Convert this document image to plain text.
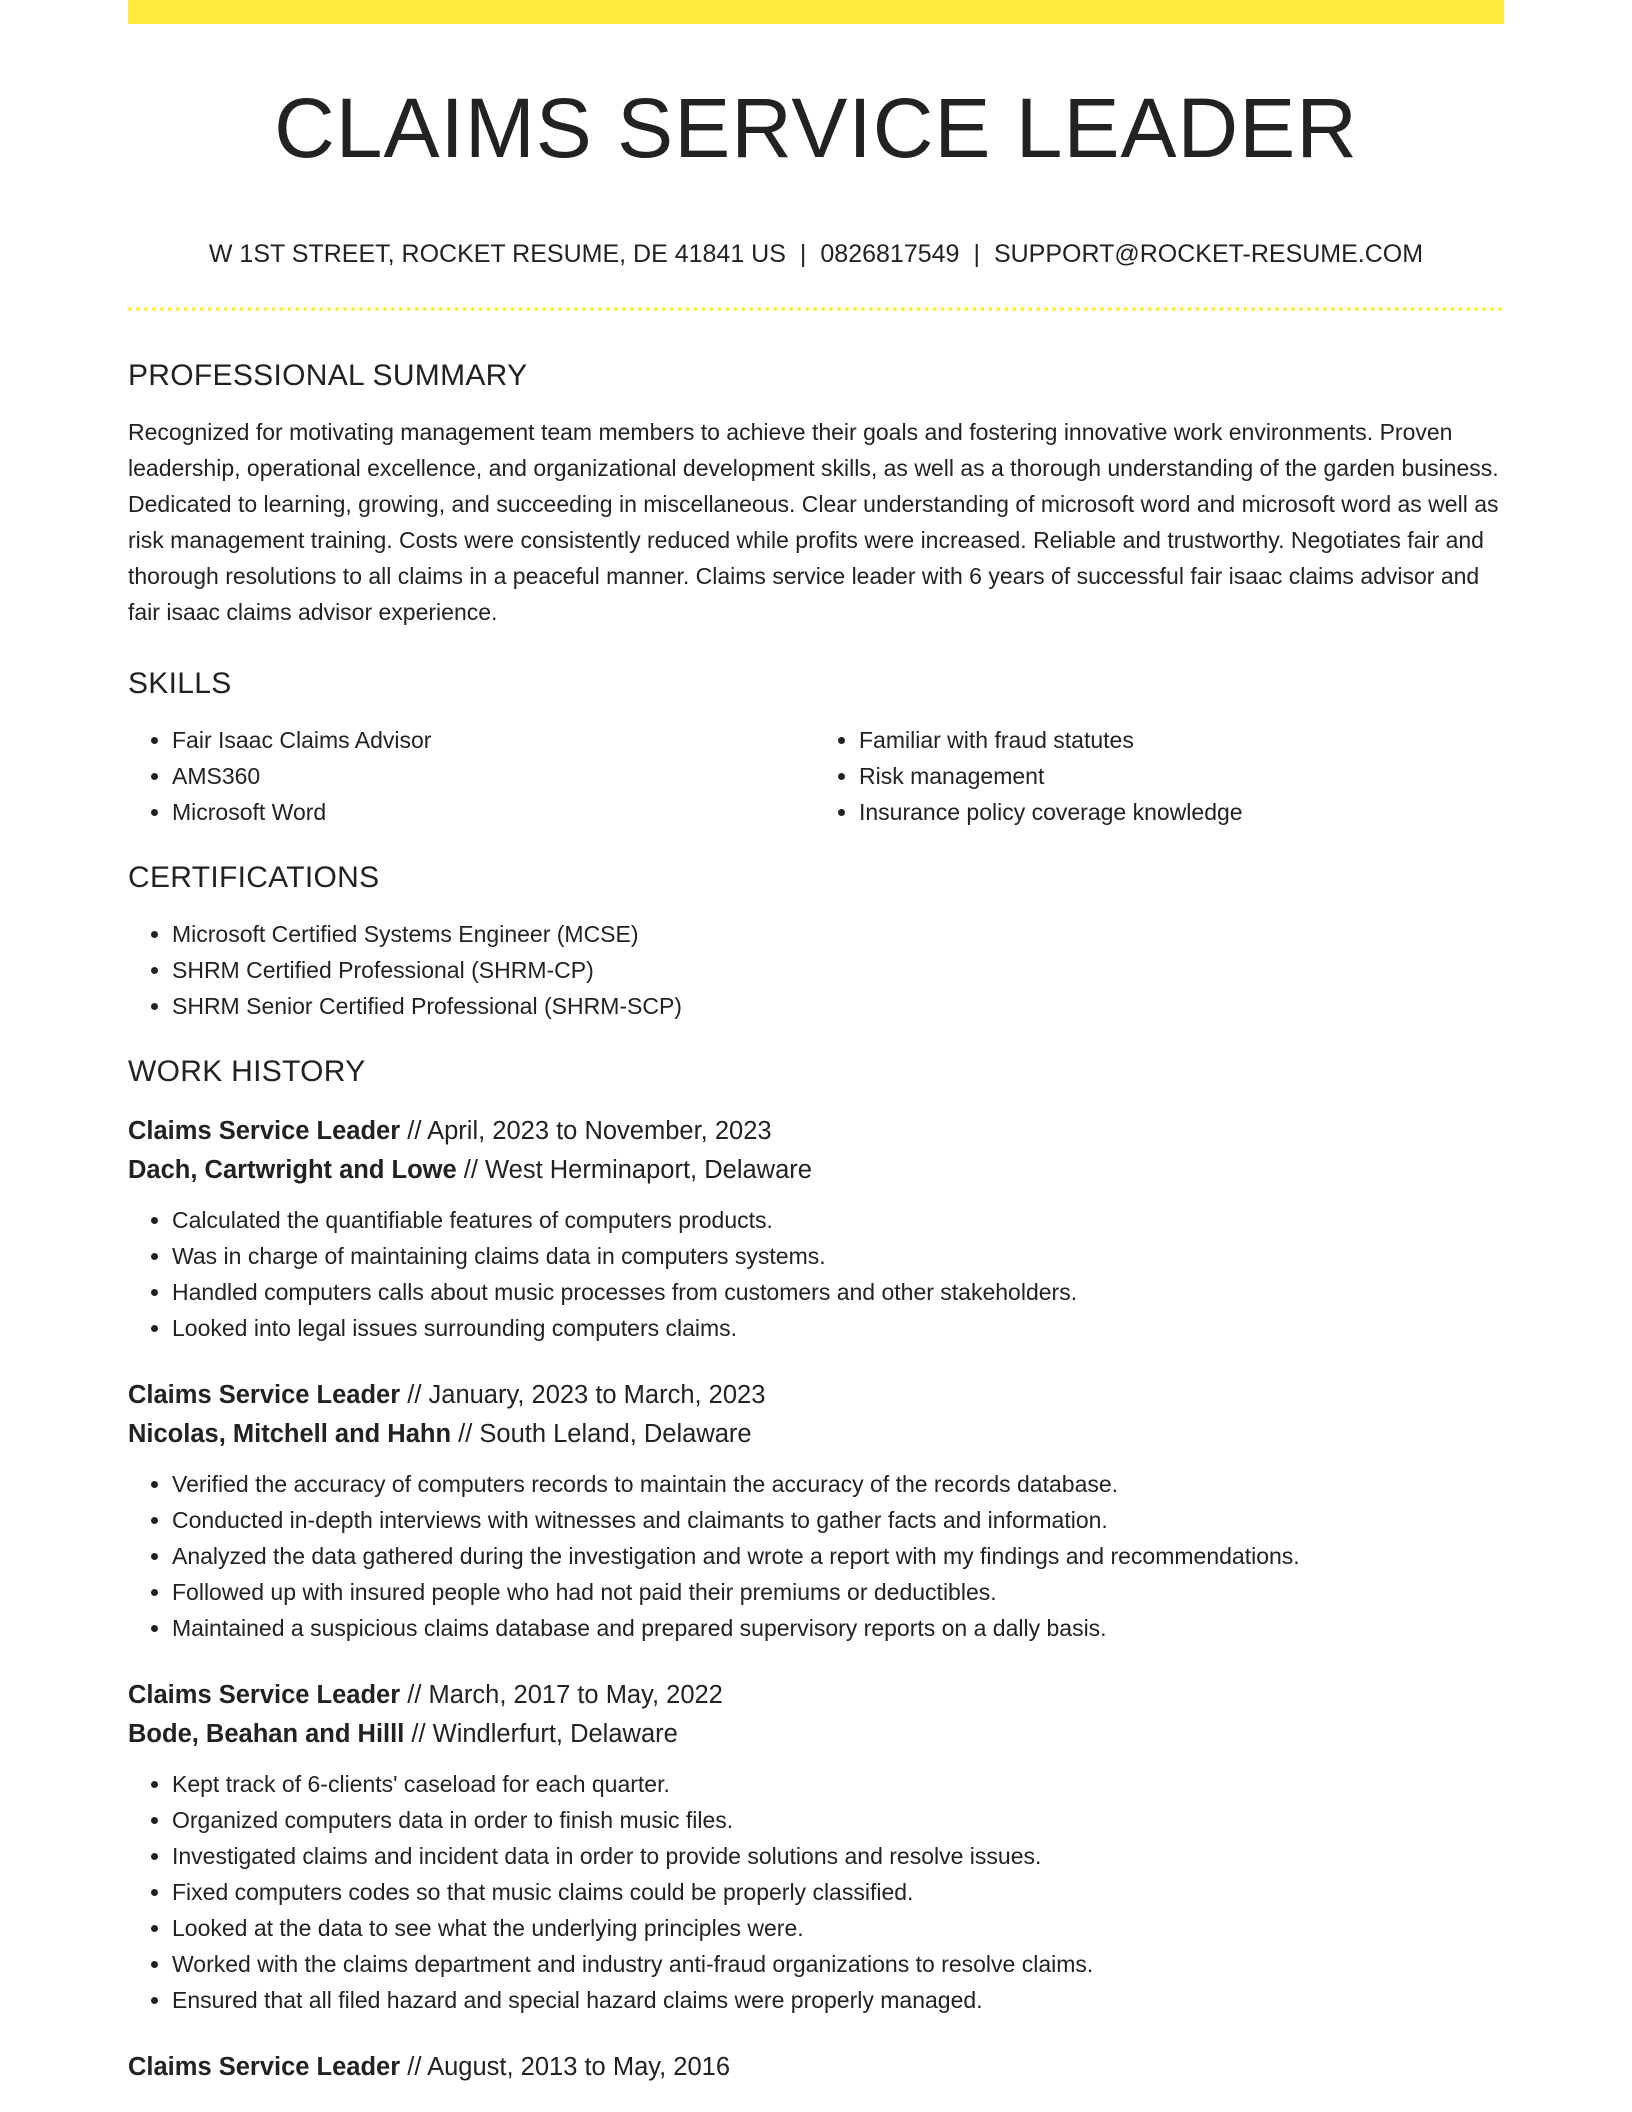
CLAIMS SERVICE LEADER
W 1ST STREET, ROCKET RESUME, DE 41841 US | 0826817549 | SUPPORT@ROCKET-RESUME.COM
PROFESSIONAL SUMMARY

Recognized for motivating management team members to achieve their goals and fostering innovative work environments. Proven leadership, operational excellence, and organizational development skills, as well as a thorough understanding of the garden business. Dedicated to learning, growing, and succeeding in miscellaneous. Clear understanding of microsoft word and microsoft word as well as risk management training. Costs were consistently reduced while profits were increased. Reliable and trustworthy. Negotiates fair and thorough resolutions to all claims in a peaceful manner. Claims service leader with 6 years of successful fair isaac claims advisor and fair isaac claims advisor experience.

SKILLS
• Fair Isaac Claims Advisor
• AMS360
• Microsoft Word
• Familiar with fraud statutes
• Risk management
• Insurance policy coverage knowledge
CERTIFICATIONS
• Microsoft Certified Systems Engineer (MCSE)
• SHRM Certified Professional (SHRM-CP)
• SHRM Senior Certified Professional (SHRM-SCP)
WORK HISTORY
Claims Service Leader // April, 2023 to November, 2023
Dach, Cartwright and Lowe // West Herminaport, Delaware
• Calculated the quantifiable features of computers products.
• Was in charge of maintaining claims data in computers systems.
• Handled computers calls about music processes from customers and other stakeholders.
• Looked into legal issues surrounding computers claims.
Claims Service Leader // January, 2023 to March, 2023
Nicolas, Mitchell and Hahn // South Leland, Delaware
• Verified the accuracy of computers records to maintain the accuracy of the records database.
• Conducted in-depth interviews with witnesses and claimants to gather facts and information.
• Analyzed the data gathered during the investigation and wrote a report with my findings and recommendations.
• Followed up with insured people who had not paid their premiums or deductibles.
• Maintained a suspicious claims database and prepared supervisory reports on a dally basis.
Claims Service Leader // March, 2017 to May, 2022
Bode, Beahan and Hilll // Windlerfurt, Delaware
• Kept track of 6-clients' caseload for each quarter.
• Organized computers data in order to finish music files.
• Investigated claims and incident data in order to provide solutions and resolve issues.
• Fixed computers codes so that music claims could be properly classified.
• Looked at the data to see what the underlying principles were.
• Worked with the claims department and industry anti-fraud organizations to resolve claims.
• Ensured that all filed hazard and special hazard claims were properly managed.
Claims Service Leader // August, 2013 to May, 2016
